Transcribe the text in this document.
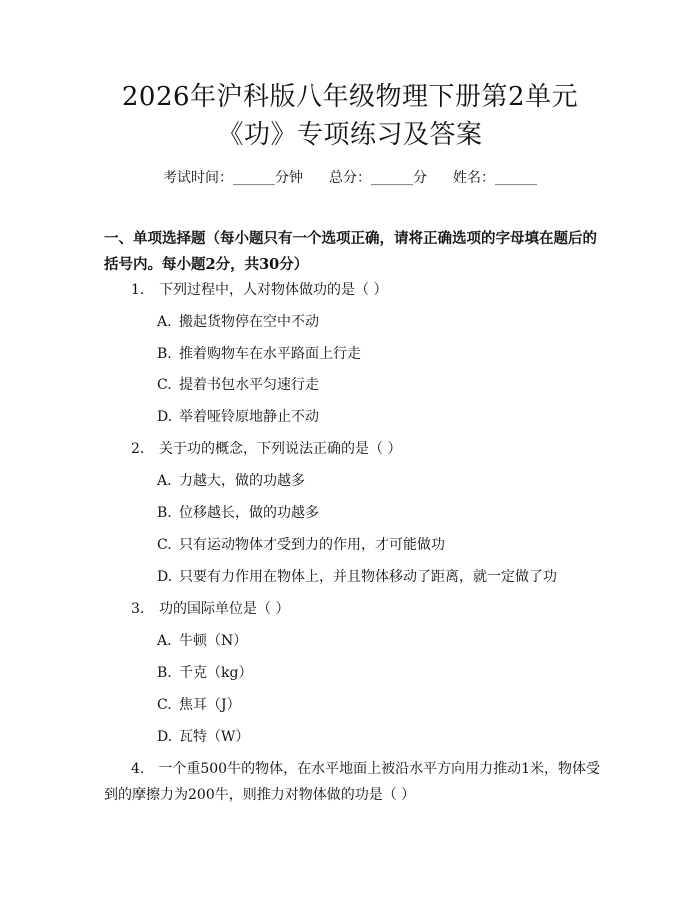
2026年沪科版八年级物理下册第2单元
《功》专项练习及答案
考试时间：______分钟 总分：______分 姓名：______
一、单项选择题（每小题只有一个选项正确，请将正确选项的字母填在题后的括号内。每小题2分，共30分）
1. 下列过程中，人对物体做功的是（ ）
A. 搬起货物停在空中不动
B. 推着购物车在水平路面上行走
C. 提着书包水平匀速行走
D. 举着哑铃原地静止不动
2. 关于功的概念，下列说法正确的是（ ）
A. 力越大，做的功越多
B. 位移越长，做的功越多
C. 只有运动物体才受到力的作用，才可能做功
D. 只要有力作用在物体上，并且物体移动了距离，就一定做了功
3. 功的国际单位是（ ）
A. 牛顿（N）
B. 千克（kg）
C. 焦耳（J）
D. 瓦特（W）
4. 一个重500牛的物体，在水平地面上被沿水平方向用力推动1米，物体受到的摩擦力为200牛，则推力对物体做的功是（ ）
